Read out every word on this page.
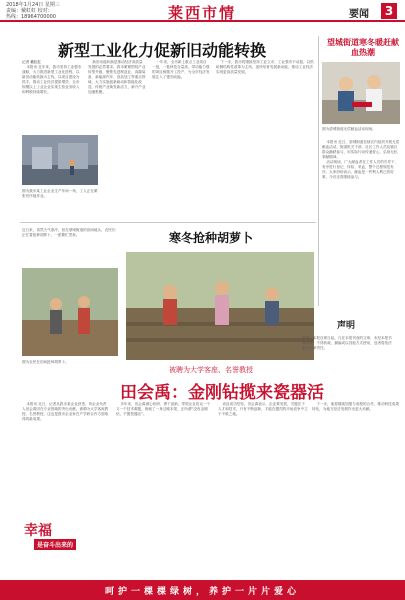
2018年1月24日 星期三
责编：戴虹虹 校对：
热线：18964700000	莱西市情	要闻	3
新型工业化力促新旧动能转换

记者 戴虹虹

本报讯 近年来，我市坚持工业强市战略，大力推进新型工业化进程，以新旧动能转换为主线，以项目建设为抓手，推动工业经济提质增效，全市规模以上工业企业实现主营业务收入和利税持续增长。

新旧动能转换是推动经济高质量发展的必然要求。我市紧紧围绕产业转型升级，聚焦先进制造业、高端装备、新能源汽车、食品加工等重点领域，大力实施创新驱动和智能化改造，传统产业焕发新活力，新兴产业加速集聚。

一年来，全市新上重点工业项目一批，一批科技含量高、带动能力强的项目相继开工投产，为全市经济发展注入了强劲动能。

下一步，我市将继续坚持工业立市、工业强市不动摇，以供给侧结构性改革为主线，加快培育发展新动能，推动工业经济实现更高质量发展。

图为我市某工业企业生产车间一角，工人正在紧张有序地作业。
望城街道寒冬暖赶献血热潮
图为望城街道无偿献血活动现场。

本报讯 近日，望城街道在辖区内组织开展无偿献血活动，街道机关干部、社区工作人员及辖区群众踊跃参与，用实际行动传递爱心，弘扬无私奉献精神。

活动现场，广大献血者在工作人员的引导下，有序进行登记、体检、采血，整个过程规范有序。大家纷纷表示，献血是一件利人利己的好事，今后还将继续参与。

寒冬抢种胡萝卜
近日来，虽然天气寒冷，但在望城街道的田间地头，农民们正忙着抢种胡萝卜，一派繁忙景象。
图为农民在田间抢种胡萝卜。
声明
声明：本报自即日起，凡在本报刊登的文章，未经本报书面授权，不得转载、摘编或以其他方式使用，违者将依法追究法律责任。
被聘为大学客座、名誉教授
田会禹：金刚钻揽来瓷器活

本报讯 近日，记者从我市某企业获悉，该企业负责人田会禹因在专业领域的突出贡献，被聘为大学客座教授、名誉教授，这也是我市企业家在产学研合作方面取得的新成果。

多年来，田会禹潜心钻研、勇于创新，带领企业攻克一个又一个技术难题，练就了一身过硬本领，正所谓“没有金刚钻，不揽瓷器活”。

谈及成功经验，田会禹表示，企业要发展，关键在于人才和技术，只有不断创新，才能在激烈的市场竞争中立于不败之地。

下一步，他将继续加强与高校的合作，推动科技成果转化，为地方经济发展作出更大贡献。

幸福
是奋斗出来的
呵护一棵棵绿树，养护一片片爱心
